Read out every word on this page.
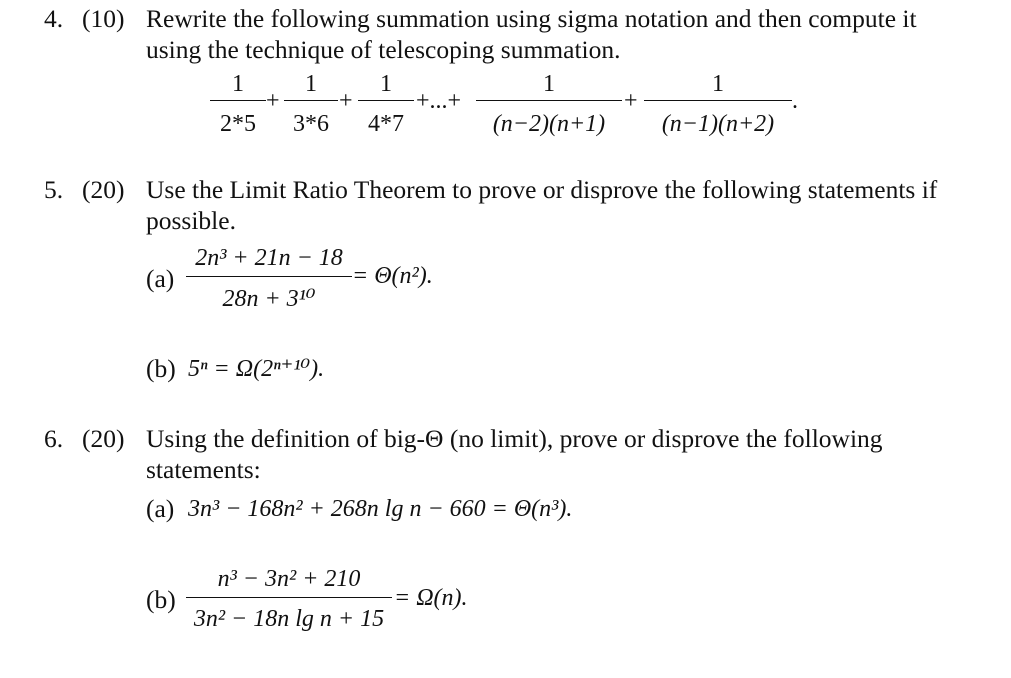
4. (10) Rewrite the following summation using sigma notation and then compute it
using the technique of telescoping summation.
1
2*5
+
1
3*6
+
1
4*7
+...+
1
(n−2)(n+1)
+
1
(n−1)(n+2)
.
5. (20) Use the Limit Ratio Theorem to prove or disprove the following statements if
possible.
(a)
2n³ + 21n − 18
28n + 3¹⁰
= Θ(n²).
(b) 5ⁿ = Ω(2ⁿ⁺¹⁰).
6. (20) Using the definition of big-Θ (no limit), prove or disprove the following
statements:
(a) 3n³ − 168n² + 268n lg n − 660 = Θ(n³).
(b)
n³ − 3n² + 210
3n² − 18n lg n + 15
= Ω(n).
